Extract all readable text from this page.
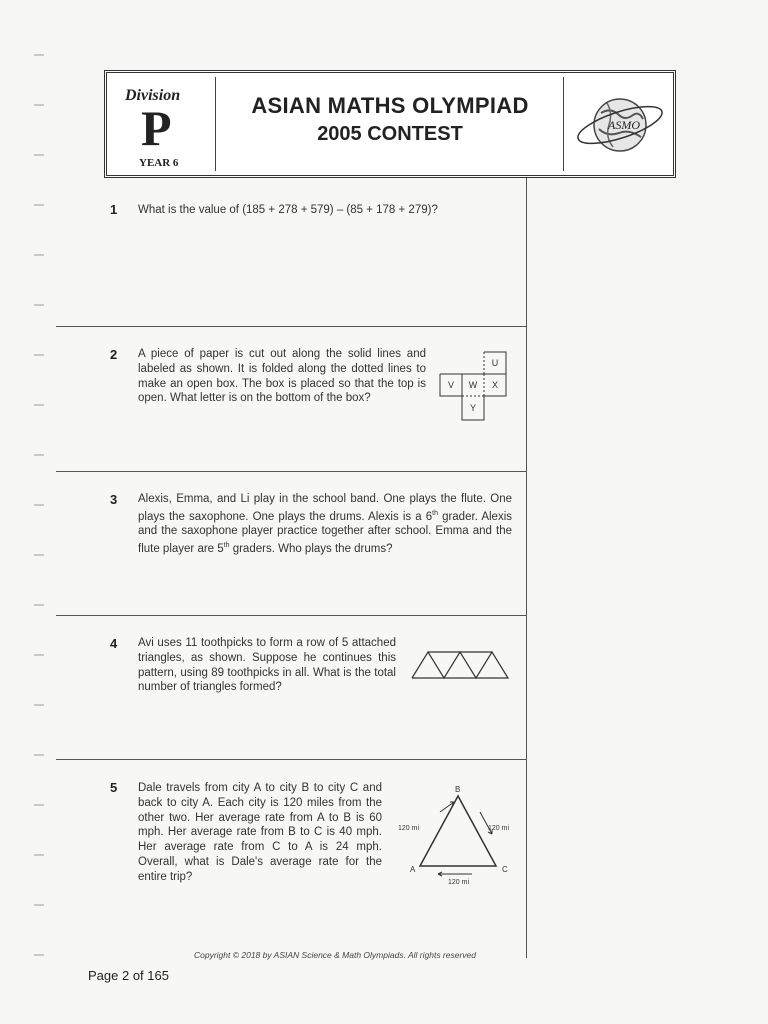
Division
P
YEAR 6
ASIAN MATHS OLYMPIAD
2005 CONTEST	ASMO
1 What is the value of (185 + 278 + 579) – (85 + 178 + 279)?
2 A piece of paper is cut out along the solid lines and labeled as shown. It is folded along the dotted lines to make an open box. The box is placed so that the top is open. What letter is on the bottom of the box?
U
V W X
Y
3 Alexis, Emma, and Li play in the school band. One plays the flute. One plays the saxophone. One plays the drums. Alexis is a 6th grader. Alexis and the saxophone player practice together after school. Emma and the flute player are 5th graders. Who plays the drums?
4 Avi uses 11 toothpicks to form a row of 5 attached triangles, as shown. Suppose he continues this pattern, using 89 toothpicks in all. What is the total number of triangles formed?
5 Dale travels from city A to city B to city C and back to city A. Each city is 120 miles from the other two. Her average rate from A to B is 60 mph. Her average rate from B to C is 40 mph. Her average rate from C to A is 24 mph. Overall, what is Dale's average rate for the entire trip?
B
A	C
120 mi	120 mi
120 mi
Copyright © 2018 by ASIAN Science & Math Olympiads. All rights reserved
Page 2 of 165
